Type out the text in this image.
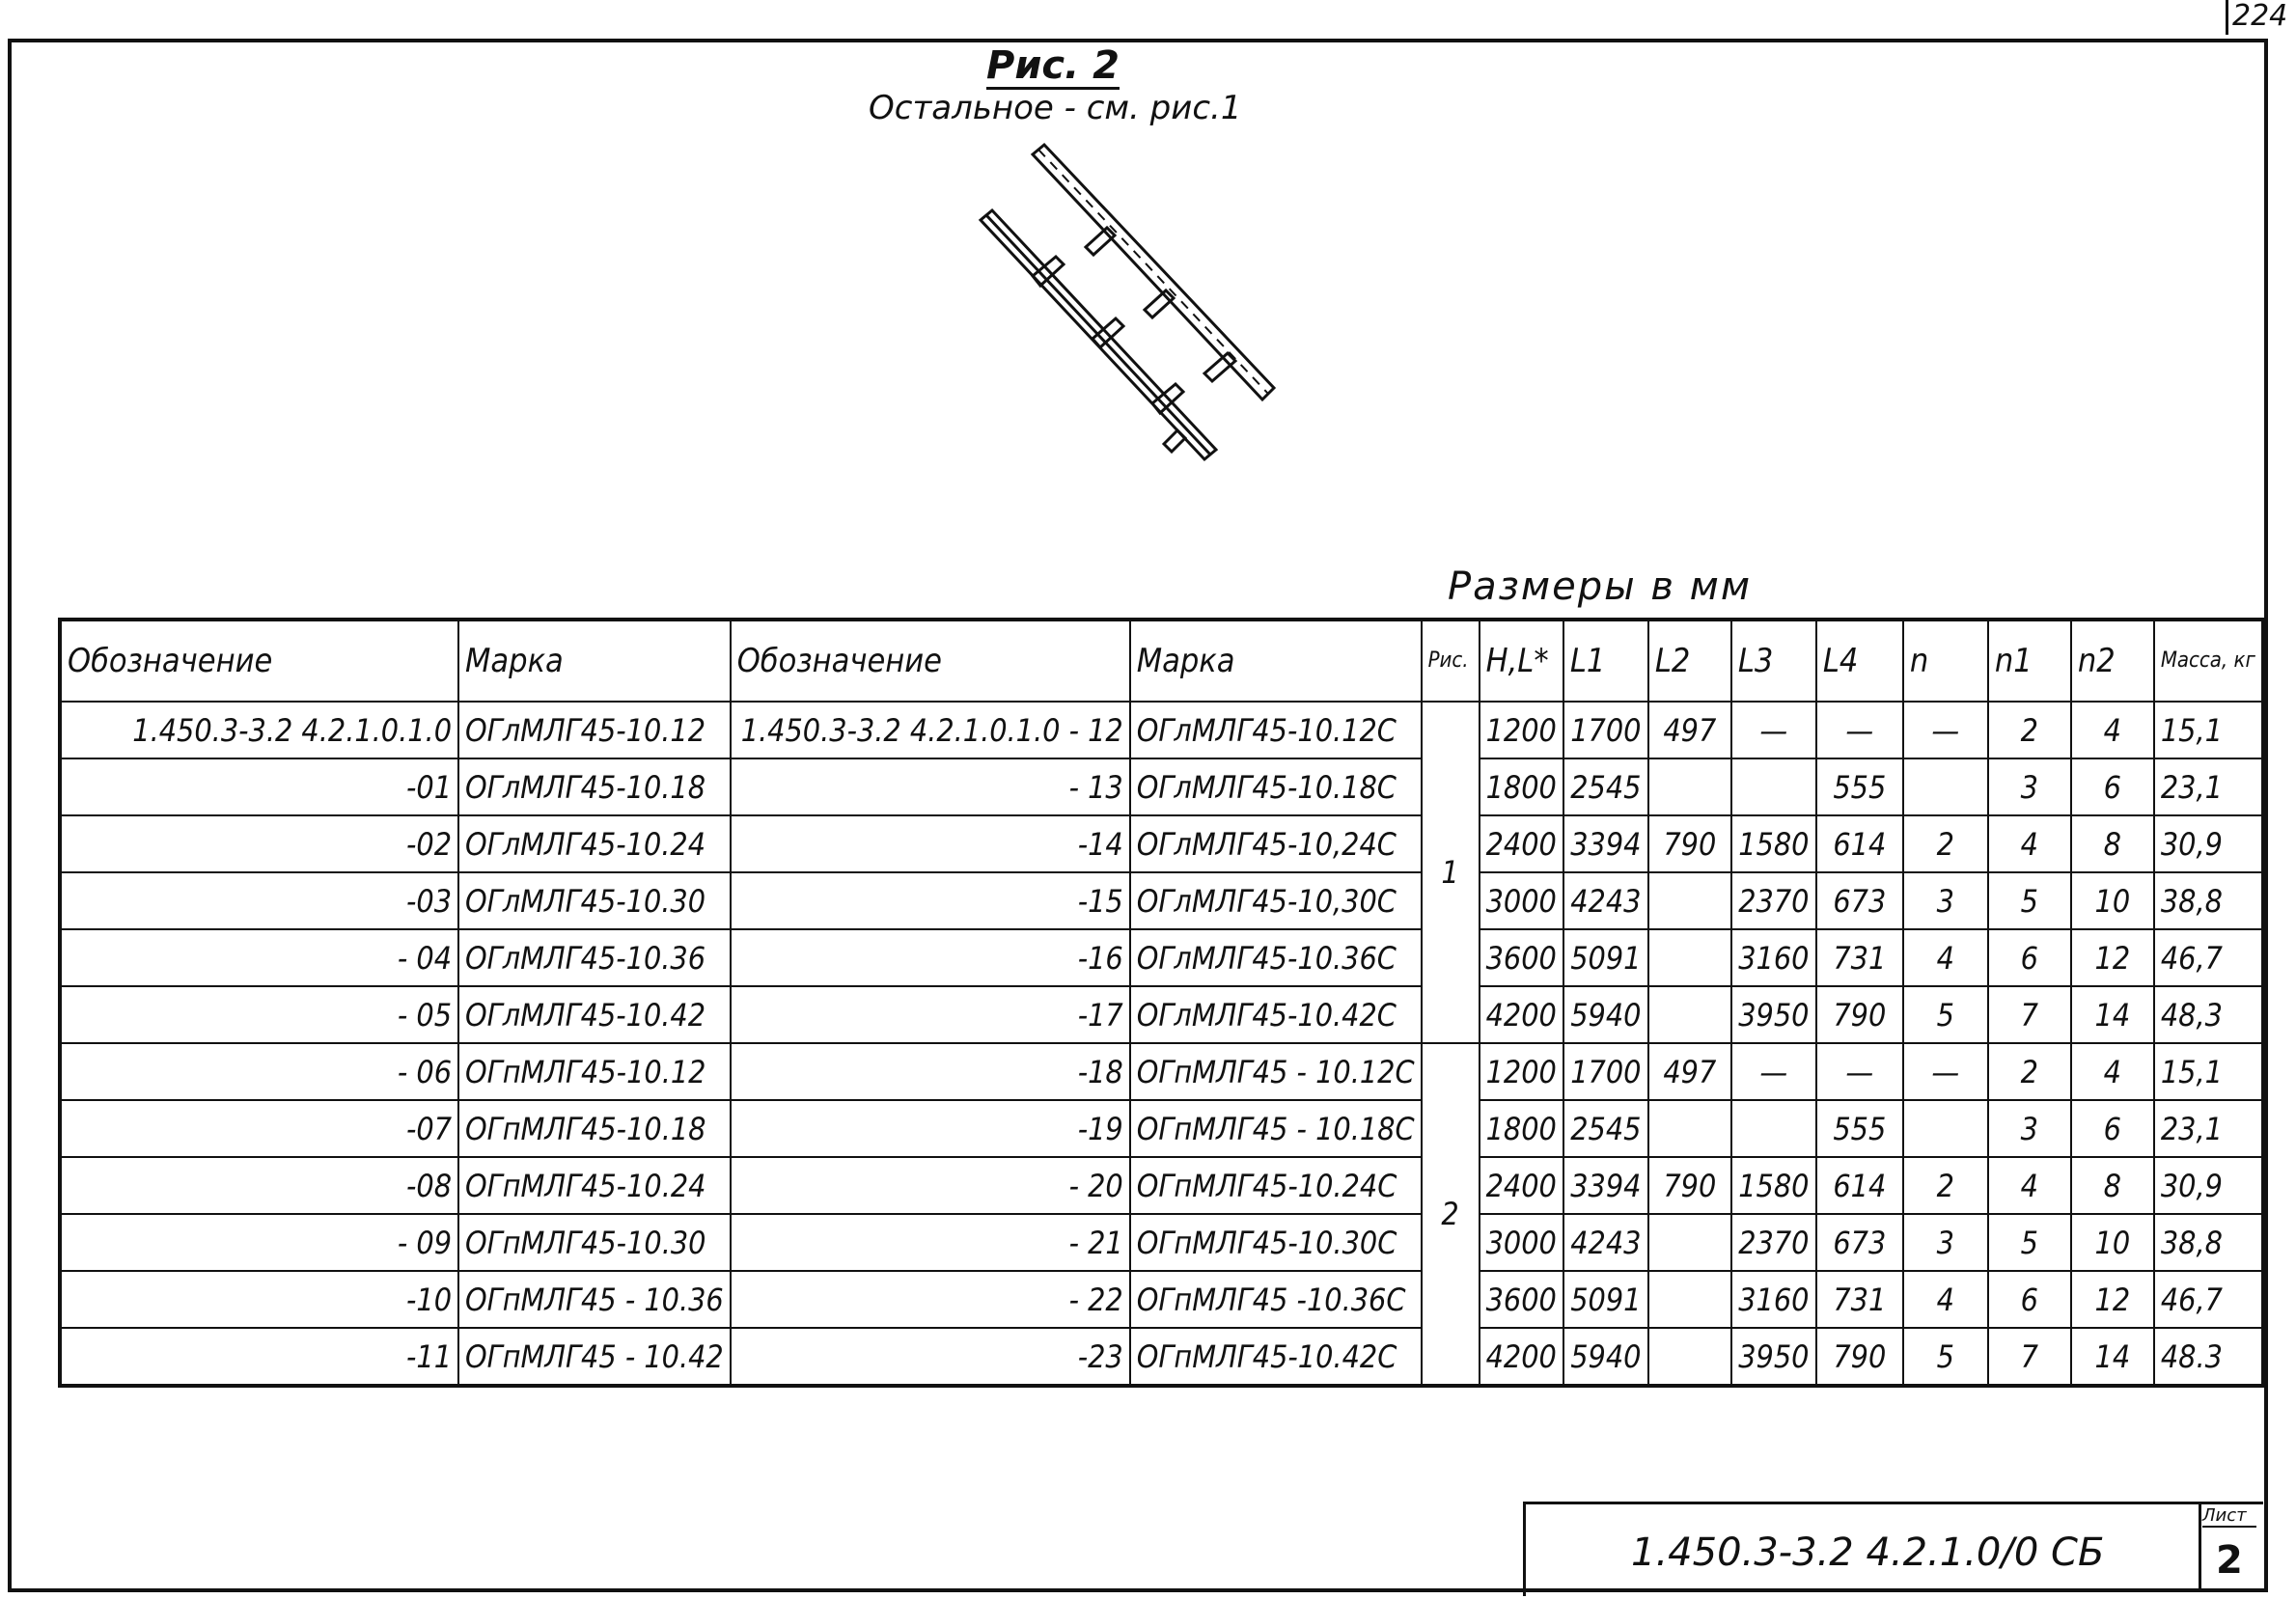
224
Рис. 2
Остальное - см. рис.1
Размеры в мм
Обозначение	Марка	Обозначение	Марка	Рис.	H,L*	L1	L2	L3	L4	n	n1	n2	Масса, кг
1.450.3-3.2 4.2.1.0.1.0	ОГлМЛГ45-10.12	1.450.3-3.2 4.2.1.0.1.0 - 12	ОГлМЛГ45-10.12С	1	1200	1700	497	—	—	—	2	4	15,1
-01	ОГлМЛГ45-10.18	- 13	ОГлМЛГ45-10.18С		1800	2545			555		3	6	23,1
-02	ОГлМЛГ45-10.24	-14	ОГлМЛГ45-10,24С		2400	3394	790	1580	614	2	4	8	30,9
-03	ОГлМЛГ45-10.30	-15	ОГлМЛГ45-10,30С		3000	4243		2370	673	3	5	10	38,8
- 04	ОГлМЛГ45-10.36	-16	ОГлМЛГ45-10.36С		3600	5091		3160	731	4	6	12	46,7
- 05	ОГлМЛГ45-10.42	-17	ОГлМЛГ45-10.42С		4200	5940		3950	790	5	7	14	48,3
- 06	ОГпМЛГ45-10.12	-18	ОГпМЛГ45 - 10.12С	2	1200	1700	497	—	—	—	2	4	15,1
-07	ОГпМЛГ45-10.18	-19	ОГпМЛГ45 - 10.18С		1800	2545			555		3	6	23,1
-08	ОГпМЛГ45-10.24	- 20	ОГпМЛГ45-10.24С		2400	3394	790	1580	614	2	4	8	30,9
- 09	ОГпМЛГ45-10.30	- 21	ОГпМЛГ45-10.30С		3000	4243		2370	673	3	5	10	38,8
-10	ОГпМЛГ45 - 10.36	- 22	ОГпМЛГ45 -10.36С		3600	5091		3160	731	4	6	12	46,7
-11	ОГпМЛГ45 - 10.42	-23	ОГпМЛГ45-10.42С		4200	5940		3950	790	5	7	14	48.3
1.450.3-3.2 4.2.1.0/0 СБ
Лист
2
